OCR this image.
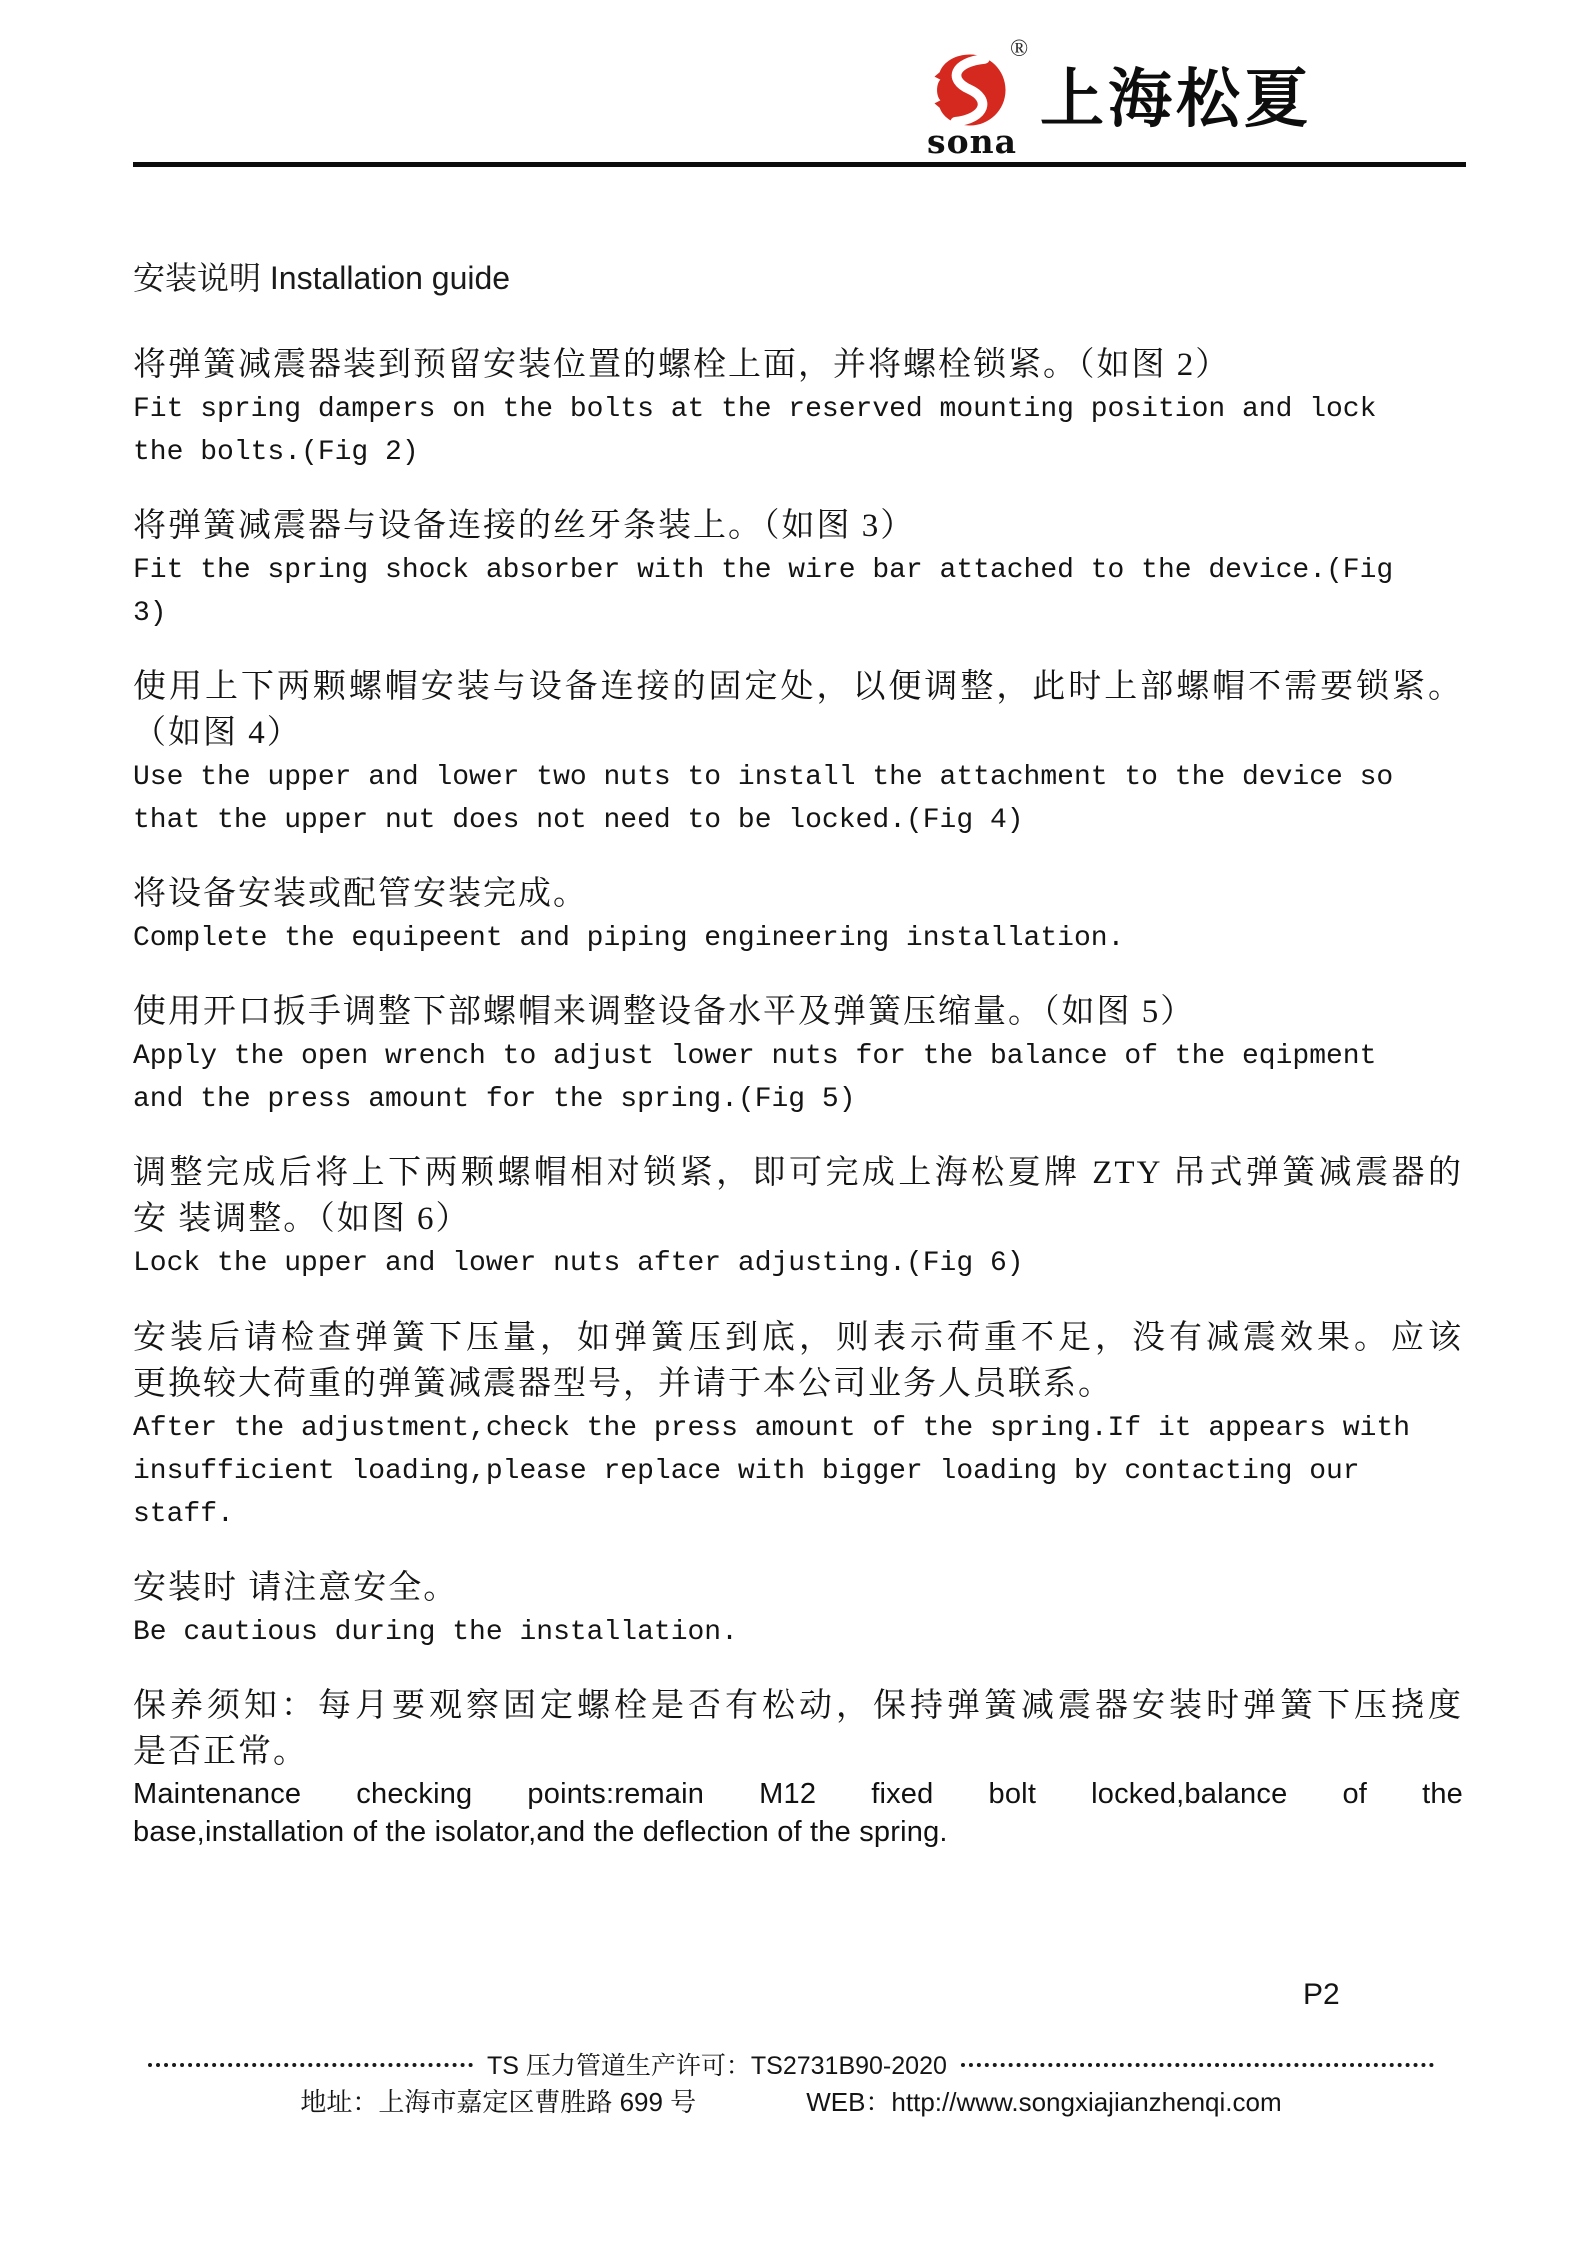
®
sona
上海松夏
安装说明 Installation guide
将弹簧减震器装到预留安装位置的螺栓上面，并将螺栓锁紧。（如图 2）
Fit spring dampers on the bolts at the reserved mounting position and lock
the bolts.(Fig 2)
将弹簧减震器与设备连接的丝牙条装上。（如图 3）
Fit the spring shock absorber with the wire bar attached to the device.(Fig
3)
使用上下两颗螺帽安装与设备连接的固定处，以便调整，此时上部螺帽不需要锁紧。
（如图 4）
Use the upper and lower two nuts to install the attachment to the device so
that the upper nut does not need to be locked.(Fig 4)
将设备安装或配管安装完成。
Complete the equipeent and piping engineering installation.
使用开口扳手调整下部螺帽来调整设备水平及弹簧压缩量。（如图 5）
Apply the open wrench to adjust lower nuts for the balance of the eqipment
and the press amount for the spring.(Fig 5)
调整完成后将上下两颗螺帽相对锁紧，即可完成上海松夏牌 ZTY 吊式弹簧减震器的
安 装调整。（如图 6）
Lock the upper and lower nuts after adjusting.(Fig 6)
安装后请检查弹簧下压量，如弹簧压到底，则表示荷重不足，没有减震效果。应该
更换较大荷重的弹簧减震器型号，并请于本公司业务人员联系。
After the adjustment,check the press amount of the spring.If it appears with
insufficient loading,please replace with bigger loading by contacting our
staff.
安装时 请注意安全。
Be cautious during the installation.
保养须知：每月要观察固定螺栓是否有松动，保持弹簧减震器安装时弹簧下压挠度
是否正常。
Maintenance checking points:remain M12 fixed bolt locked,balance of the
base,installation of the isolator,and the deflection of the spring.
P2
TS 压力管道生产许可：TS2731B90-2020
地址：上海市嘉定区曹胜路 699 号	WEB：http://www.songxiajianzhenqi.com
